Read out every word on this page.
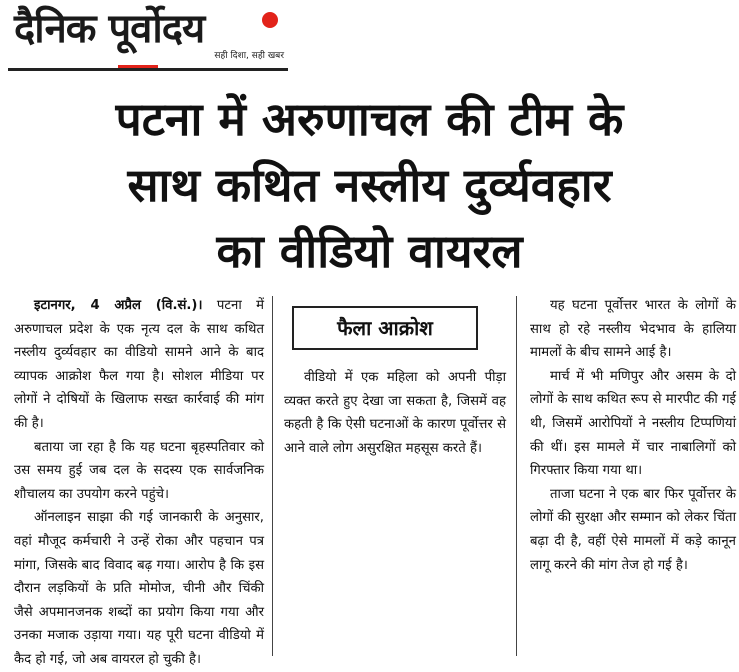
दैनिक पूर्वोदय
सही दिशा, सही खबर
पटना में अरुणाचल की टीम के
साथ कथित नस्लीय दुर्व्यवहार
का वीडियो वायरल

इटानगर, 4 अप्रैल (वि.सं.)। पटना में अरुणाचल प्रदेश के एक नृत्य दल के साथ कथित नस्लीय दुर्व्यवहार का वीडियो सामने आने के बाद व्यापक आक्रोश फैल गया है। सोशल मीडिया पर लोगों ने दोषियों के खिलाफ सख्त कार्रवाई की मांग की है।

बताया जा रहा है कि यह घटना बृहस्पतिवार को उस समय हुई जब दल के सदस्य एक सार्वजनिक शौचालय का उपयोग करने पहुंचे।

ऑनलाइन साझा की गई जानकारी के अनुसार, वहां मौजूद कर्मचारी ने उन्हें रोका और पहचान पत्र मांगा, जिसके बाद विवाद बढ़ गया। आरोप है कि इस दौरान लड़कियों के प्रति मोमोज, चीनी और चिंकी जैसे अपमानजनक शब्दों का प्रयोग किया गया और उनका मजाक उड़ाया गया। यह पूरी घटना वीडियो में कैद हो गई, जो अब वायरल हो चुकी है।

फैला आक्रोश

वीडियो में एक महिला को अपनी पीड़ा व्यक्त करते हुए देखा जा सकता है, जिसमें वह कहती है कि ऐसी घटनाओं के कारण पूर्वोत्तर से आने वाले लोग असुरक्षित महसूस करते हैं।

यह घटना पूर्वोत्तर भारत के लोगों के साथ हो रहे नस्लीय भेदभाव के हालिया मामलों के बीच सामने आई है।

मार्च में भी मणिपुर और असम के दो लोगों के साथ कथित रूप से मारपीट की गई थी, जिसमें आरोपियों ने नस्लीय टिप्पणियां की थीं। इस मामले में चार नाबालिगों को गिरफ्तार किया गया था।

ताजा घटना ने एक बार फिर पूर्वोत्तर के लोगों की सुरक्षा और सम्मान को लेकर चिंता बढ़ा दी है, वहीं ऐसे मामलों में कड़े कानून लागू करने की मांग तेज हो गई है।
